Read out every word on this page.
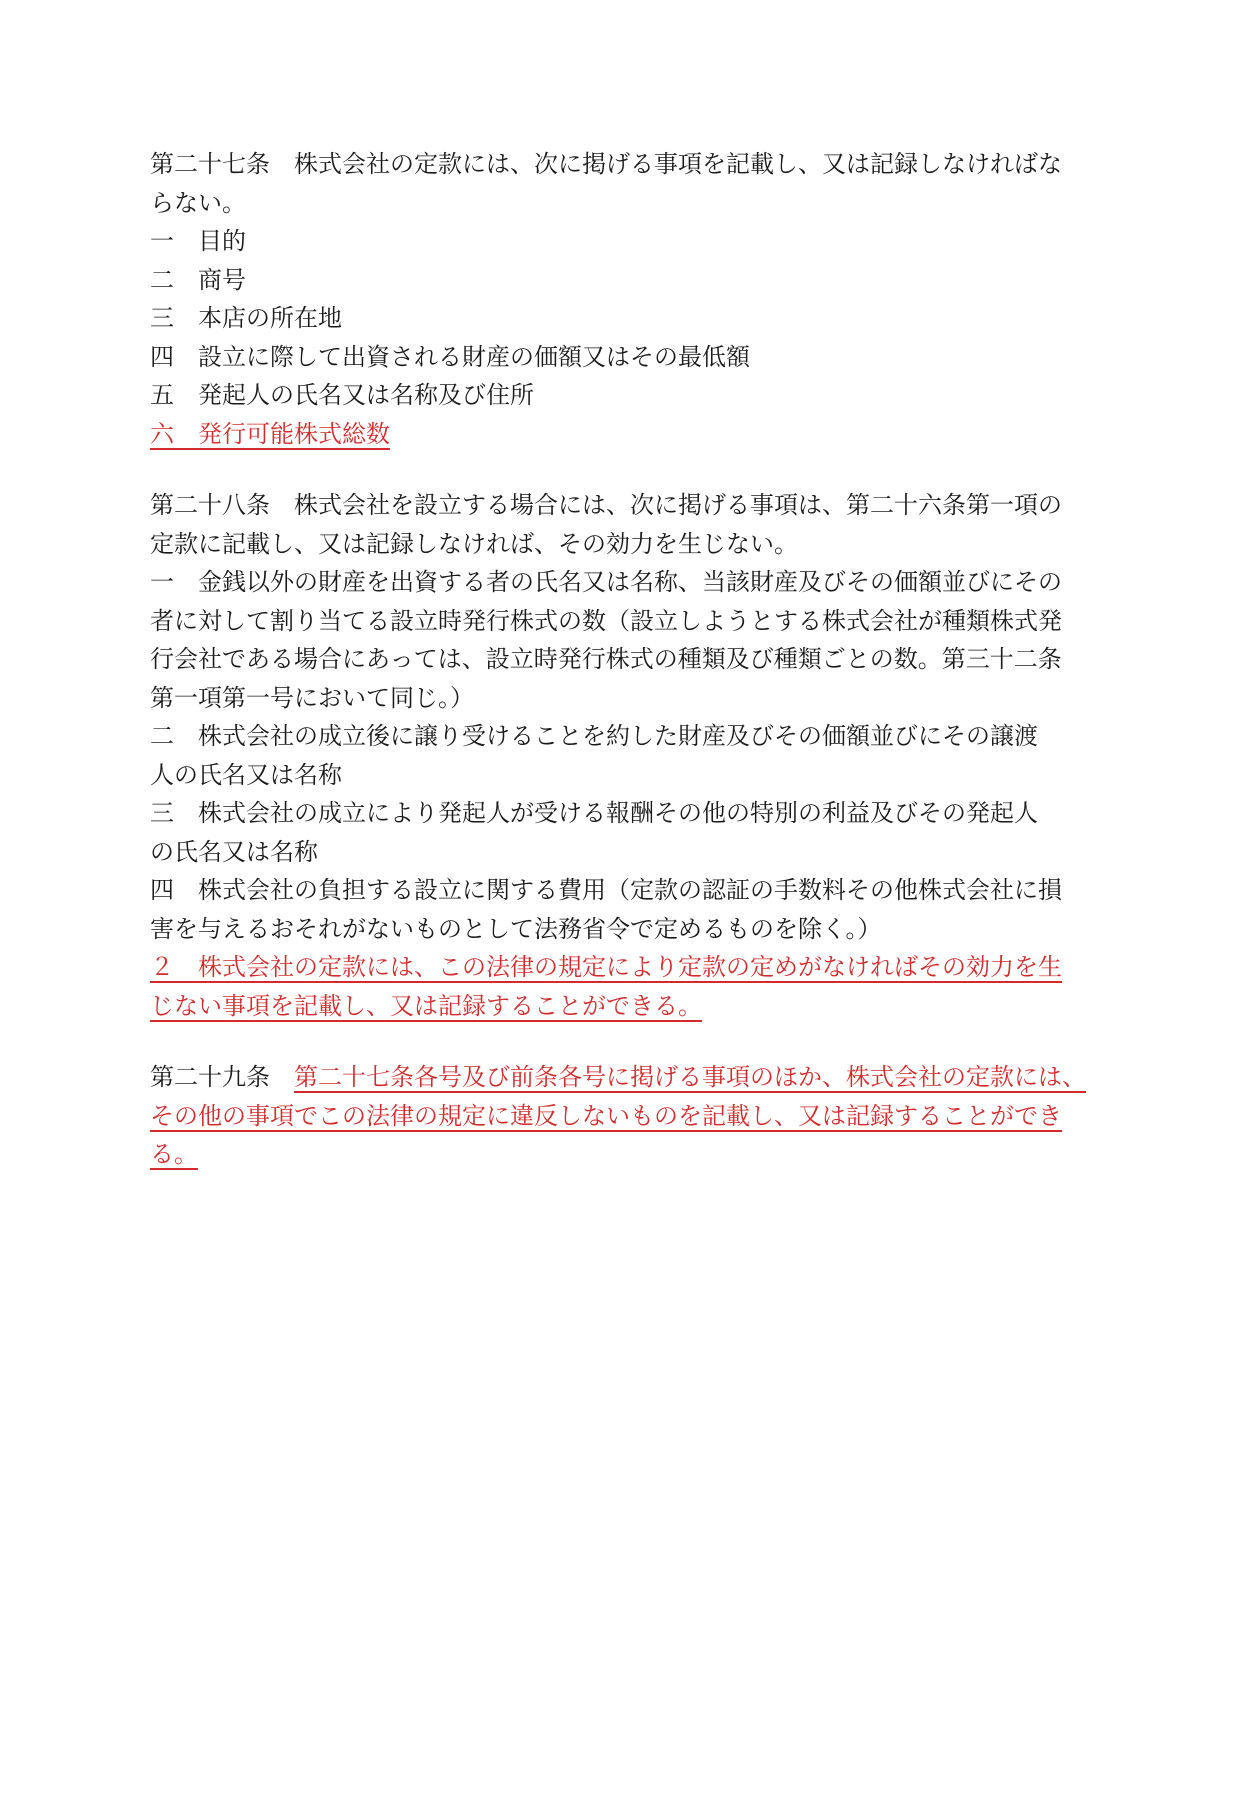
第二十七条　株式会社の定款には、次に掲げる事項を記載し、又は記録しなければな
らない。
一　目的
二　商号
三　本店の所在地
四　設立に際して出資される財産の価額又はその最低額
五　発起人の氏名又は名称及び住所
六　発行可能株式総数
第二十八条　株式会社を設立する場合には、次に掲げる事項は、第二十六条第一項の
定款に記載し、又は記録しなければ、その効力を生じない。
一　金銭以外の財産を出資する者の氏名又は名称、当該財産及びその価額並びにその
者に対して割り当てる設立時発行株式の数（設立しようとする株式会社が種類株式発
行会社である場合にあっては、設立時発行株式の種類及び種類ごとの数。第三十二条
第一項第一号において同じ。）
二　株式会社の成立後に譲り受けることを約した財産及びその価額並びにその譲渡
人の氏名又は名称
三　株式会社の成立により発起人が受ける報酬その他の特別の利益及びその発起人
の氏名又は名称
四　株式会社の負担する設立に関する費用（定款の認証の手数料その他株式会社に損
害を与えるおそれがないものとして法務省令で定めるものを除く。）
２　株式会社の定款には、この法律の規定により定款の定めがなければその効力を生
じない事項を記載し、又は記録することができる。
第二十九条　第二十七条各号及び前条各号に掲げる事項のほか、株式会社の定款には、
その他の事項でこの法律の規定に違反しないものを記載し、又は記録することができ
る。
